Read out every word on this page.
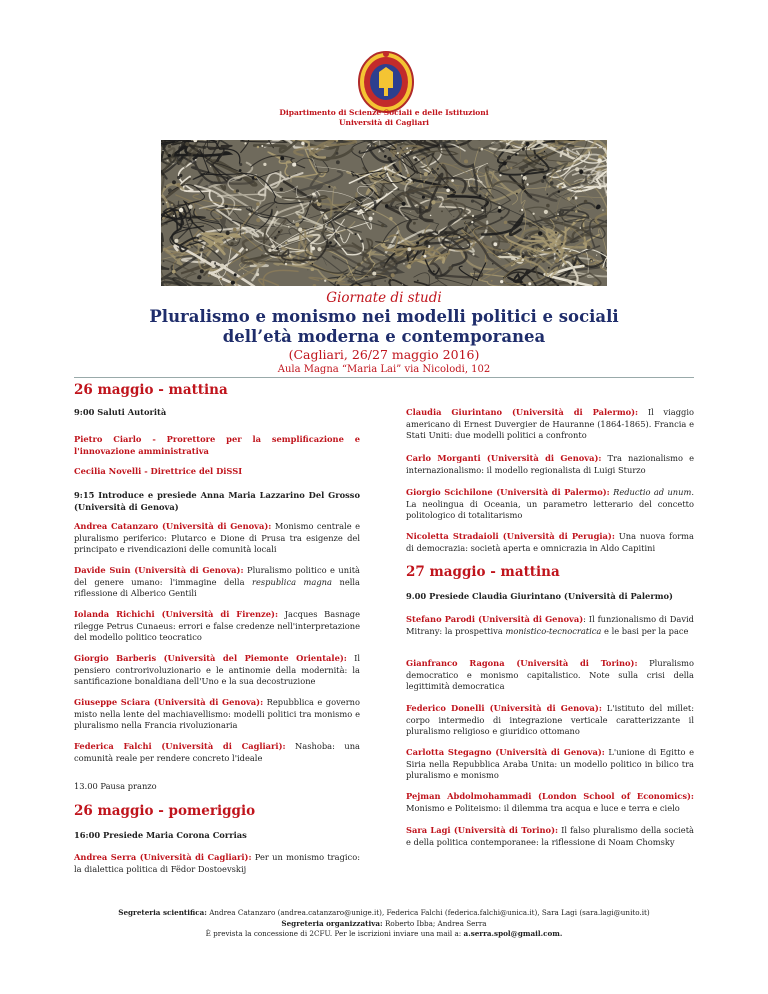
Dipartimento di Scienze Sociali e delle Istituzioni
Università di Cagliari
Giornate di studi
Pluralismo e monismo nei modelli politici e sociali
dell’età moderna e contemporanea
(Cagliari, 26/27 maggio 2016)
Aula Magna “Maria Lai” via Nicolodi, 102
26 maggio - mattina
9:00 Saluti Autorità
Pietro Ciarlo - Prorettore per la semplificazione e l'innovazione amministrativa
Cecilia Novelli - Direttrice del DiSSI
9:15 Introduce e presiede Anna Maria Lazzarino Del Grosso (Università di Genova)
Andrea Catanzaro (Università di Genova): Monismo centrale e pluralismo periferico: Plutarco e Dione di Prusa tra esigenze del principato e rivendicazioni delle comunità locali
Davide Suin (Università di Genova): Pluralismo politico e unità del genere umano: l'immagine della respublica magna nella riflessione di Alberico Gentili
Iolanda Richichi (Università di Firenze): Jacques Basnage rilegge Petrus Cunaeus: errori e false credenze nell'interpretazione del modello politico teocratico
Giorgio Barberis (Università del Piemonte Orientale): Il pensiero controrivoluzionario e le antinomie della modernità: la santificazione bonaldiana dell'Uno e la sua decostruzione
Giuseppe Sciara (Università di Genova): Repubblica e governo misto nella lente del machiavellismo: modelli politici tra monismo e pluralismo nella Francia rivoluzionaria
Federica Falchi (Università di Cagliari): Nashoba: una comunità reale per rendere concreto l'ideale
13.00 Pausa pranzo
26 maggio - pomeriggio
16:00 Presiede Maria Corona Corrias
Andrea Serra (Università di Cagliari): Per un monismo tragico: la dialettica politica di Fëdor Dostoevskij
Claudia Giurintano (Università di Palermo): Il viaggio americano di Ernest Duvergier de Hauranne (1864-1865). Francia e Stati Uniti: due modelli politici a confronto
Carlo Morganti (Università di Genova): Tra nazionalismo e internazionalismo: il modello regionalista di Luigi Sturzo
Giorgio Scichilone (Università di Palermo): Reductio ad unum. La neolingua di Oceania, un parametro letterario del concetto politologico di totalitarismo
Nicoletta Stradaioli (Università di Perugia): Una nuova forma di democrazia: società aperta e omnicrazia in Aldo Capitini
27 maggio - mattina
9.00 Presiede Claudia Giurintano (Università di Palermo)
Stefano Parodi (Università di Genova): Il funzionalismo di David Mitrany: la prospettiva monistico-tecnocratica e le basi per la pace
Gianfranco Ragona (Università di Torino): Pluralismo democratico e monismo capitalistico. Note sulla crisi della legittimità democratica
Federico Donelli (Università di Genova): L'istituto del millet: corpo intermedio di integrazione verticale caratterizzante il pluralismo religioso e giuridico ottomano
Carlotta Stegagno (Università di Genova): L'unione di Egitto e Siria nella Repubblica Araba Unita: un modello politico in bilico tra pluralismo e monismo
Pejman Abdolmohammadi (London School of Economics): Monismo e Politeismo: il dilemma tra acqua e luce e terra e cielo
Sara Lagi (Università di Torino): Il falso pluralismo della società e della politica contemporanee: la riflessione di Noam Chomsky
Segreteria scientifica: Andrea Catanzaro (andrea.catanzaro@unige.it), Federica Falchi (federica.falchi@unica.it), Sara Lagi (sara.lagi@unito.it)
Segreteria organizzativa: Roberto Ibba; Andrea Serra
È prevista la concessione di 2CFU. Per le iscrizioni inviare una mail a: a.serra.spol@gmail.com.
